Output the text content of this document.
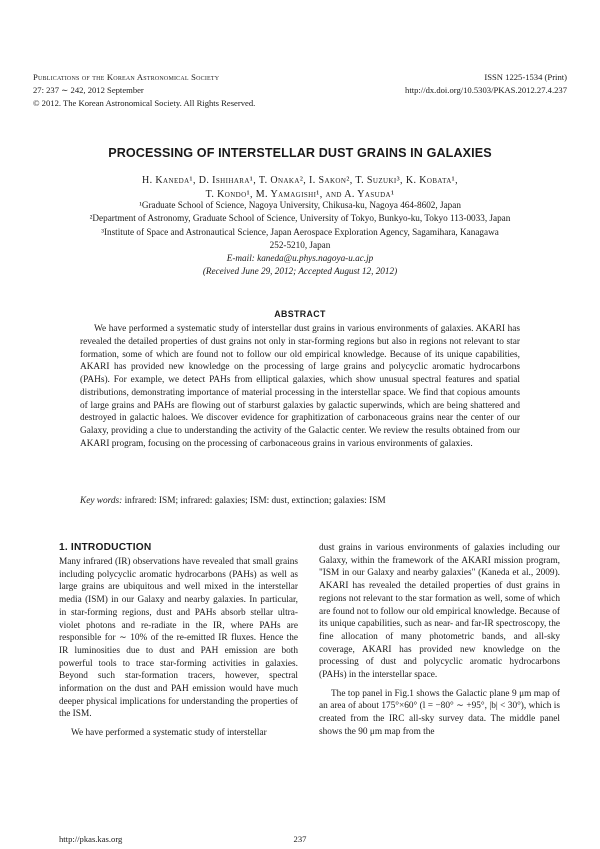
Publications of the Korean Astronomical Society
27: 237 ∼ 242, 2012 September
© 2012. The Korean Astronomical Society. All Rights Reserved.
ISSN 1225-1534 (Print)
http://dx.doi.org/10.5303/PKAS.2012.27.4.237
PROCESSING OF INTERSTELLAR DUST GRAINS IN GALAXIES
H. Kaneda¹, D. Ishihara¹, T. Onaka², I. Sakon², T. Suzuki³, K. Kobata¹,
T. Kondo¹, M. Yamagishi¹, and A. Yasuda¹
¹Graduate School of Science, Nagoya University, Chikusa-ku, Nagoya 464-8602, Japan
²Department of Astronomy, Graduate School of Science, University of Tokyo, Bunkyo-ku, Tokyo 113-0033, Japan
³Institute of Space and Astronautical Science, Japan Aerospace Exploration Agency, Sagamihara, Kanagawa
252-5210, Japan
E-mail: kaneda@u.phys.nagoya-u.ac.jp
(Received June 29, 2012; Accepted August 12, 2012)
ABSTRACT

We have performed a systematic study of interstellar dust grains in various environments of galaxies. AKARI has revealed the detailed properties of dust grains not only in star-forming regions but also in regions not relevant to star formation, some of which are found not to follow our old empirical knowledge. Because of its unique capabilities, AKARI has provided new knowledge on the processing of large grains and polycyclic aromatic hydrocarbons (PAHs). For example, we detect PAHs from elliptical galaxies, which show unusual spectral features and spatial distributions, demonstrating importance of material processing in the interstellar space. We find that copious amounts of large grains and PAHs are flowing out of starburst galaxies by galactic superwinds, which are being shattered and destroyed in galactic haloes. We discover evidence for graphitization of carbonaceous grains near the center of our Galaxy, providing a clue to understanding the activity of the Galactic center. We review the results obtained from our AKARI program, focusing on the processing of carbonaceous grains in various environments of galaxies.

Key words: infrared: ISM; infrared: galaxies; ISM: dust, extinction; galaxies: ISM

1. INTRODUCTION

Many infrared (IR) observations have revealed that small grains including polycyclic aromatic hydrocarbons (PAHs) as well as large grains are ubiquitous and well mixed in the interstellar media (ISM) in our Galaxy and nearby galaxies. In particular, in star-forming regions, dust and PAHs absorb stellar ultra-violet photons and re-radiate in the IR, where PAHs are responsible for ∼ 10% of the re-emitted IR fluxes. Hence the IR luminosities due to dust and PAH emission are both powerful tools to trace star-forming activities in galaxies. Beyond such star-formation tracers, however, spectral information on the dust and PAH emission would have much deeper physical implications for understanding the properties of the ISM.

We have performed a systematic study of interstellar

dust grains in various environments of galaxies including our Galaxy, within the framework of the AKARI mission program, "ISM in our Galaxy and nearby galaxies" (Kaneda et al., 2009). AKARI has revealed the detailed properties of dust grains in regions not relevant to the star formation as well, some of which are found not to follow our old empirical knowledge. Because of its unique capabilities, such as near- and far-IR spectroscopy, the fine allocation of many photometric bands, and all-sky coverage, AKARI has provided new knowledge on the processing of dust and polycyclic aromatic hydrocarbons (PAHs) in the interstellar space.

The top panel in Fig.1 shows the Galactic plane 9 μm map of an area of about 175°×60° (l = −80° ∼ +95°, |b| < 30°), which is created from the IRC all-sky survey data. The middle panel shows the 90 μm map from the

http://pkas.kas.org	237
